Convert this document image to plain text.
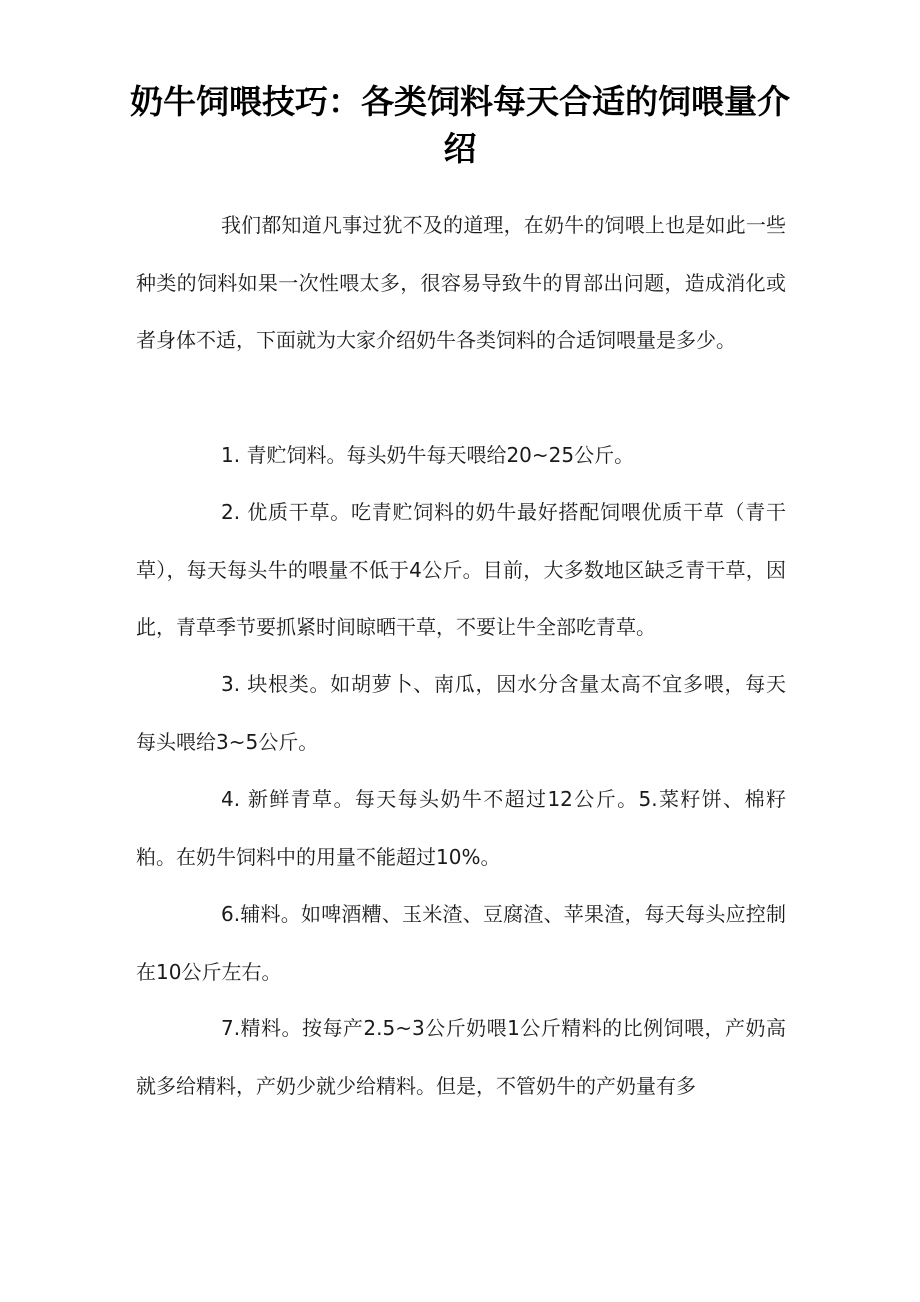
奶牛饲喂技巧：各类饲料每天合适的饲喂量介绍

我们都知道凡事过犹不及的道理，在奶牛的饲喂上也是如此一些种类的饲料如果一次性喂太多，很容易导致牛的胃部出问题，造成消化或者身体不适，下面就为大家介绍奶牛各类饲料的合适饲喂量是多少。

1. 青贮饲料。每头奶牛每天喂给20~25公斤。

2. 优质干草。吃青贮饲料的奶牛最好搭配饲喂优质干草（青干草），每天每头牛的喂量不低于4公斤。目前，大多数地区缺乏青干草，因此，青草季节要抓紧时间晾晒干草，不要让牛全部吃青草。

3. 块根类。如胡萝卜、南瓜，因水分含量太高不宜多喂，每天每头喂给3~5公斤。

4. 新鲜青草。每天每头奶牛不超过12公斤。5.菜籽饼、棉籽粕。在奶牛饲料中的用量不能超过10%。

6.辅料。如啤酒糟、玉米渣、豆腐渣、苹果渣，每天每头应控制在10公斤左右。

7.精料。按每产2.5~3公斤奶喂1公斤精料的比例饲喂，产奶高就多给精料，产奶少就少给精料。但是，不管奶牛的产奶量有多
